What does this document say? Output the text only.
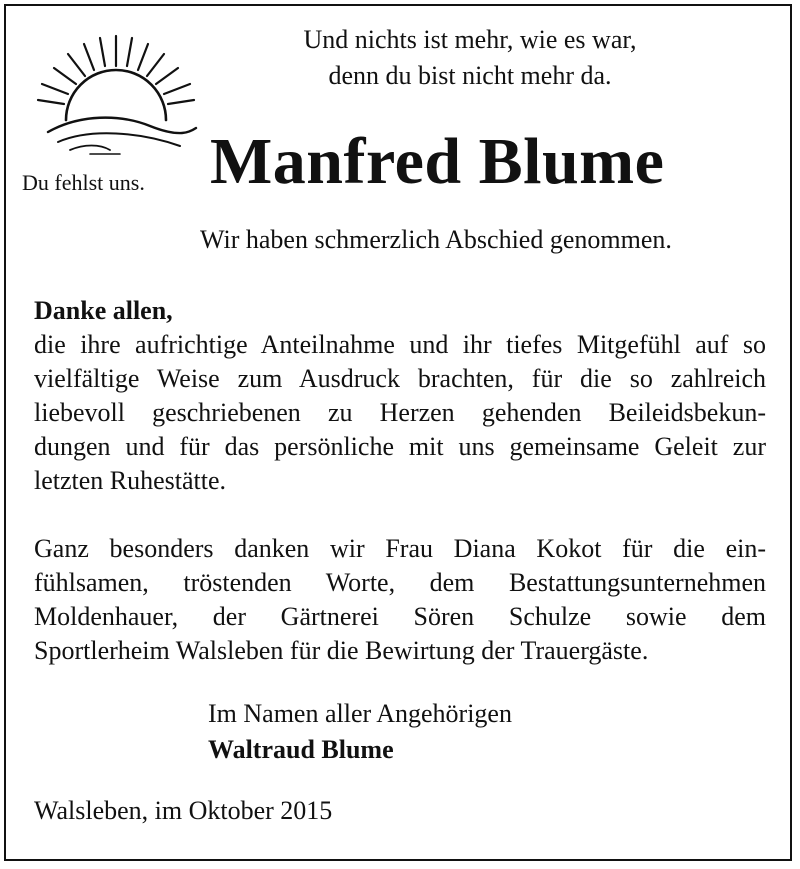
Du fehlst uns.
Und nichts ist mehr, wie es war,
denn du bist nicht mehr da.
Manfred Blume
Wir haben schmerzlich Abschied genommen.
Danke allen,
die ihre aufrichtige Anteilnahme und ihr tiefes Mitgefühl auf so
vielfältige Weise zum Ausdruck brachten, für die so zahlreich
liebevoll geschriebenen zu Herzen gehenden Beileidsbekun-
dungen und für das persönliche mit uns gemeinsame Geleit zur
letzten Ruhestätte.
Ganz besonders danken wir Frau Diana Kokot für die ein-
fühlsamen, tröstenden Worte, dem Bestattungsunternehmen
Moldenhauer, der Gärtnerei Sören Schulze sowie dem
Sportlerheim Walsleben für die Bewirtung der Trauergäste.
Im Namen aller Angehörigen
Waltraud Blume
Walsleben, im Oktober 2015
